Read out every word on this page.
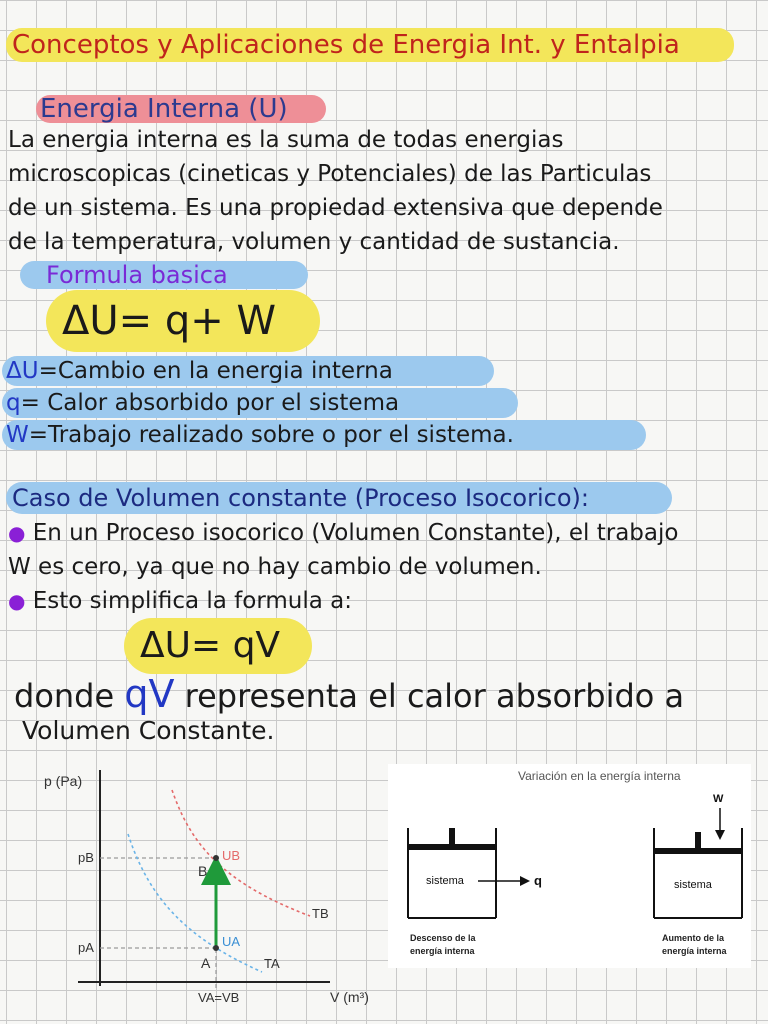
Conceptos y Aplicaciones de Energia Int. y Entalpia
Energia Interna (U)
La energia interna es la suma de todas energias
microscopicas (cineticas y Potenciales) de las Particulas
de un sistema. Es una propiedad extensiva que depende
de la temperatura, volumen y cantidad de sustancia.
Formula basica
ΔU= q+ W
ΔU=Cambio en la energia interna
q= Calor absorbido por el sistema
W=Trabajo realizado sobre o por el sistema.
Caso de Volumen constante (Proceso Isocorico):
● En un Proceso isocorico (Volumen Constante), el trabajo
W es cero, ya que no hay cambio de volumen.
● Esto simplifica la formula a:
ΔU= qV
donde qV representa el calor absorbido a
Volumen Constante.
p (Pa)
V (m³)
pB
pA
B
A
UB
UA
TB
TA
VA=VB
Variación en la energía interna
sistema	q
Descenso de la
energía interna
W
sistema
Aumento de la
energía interna
